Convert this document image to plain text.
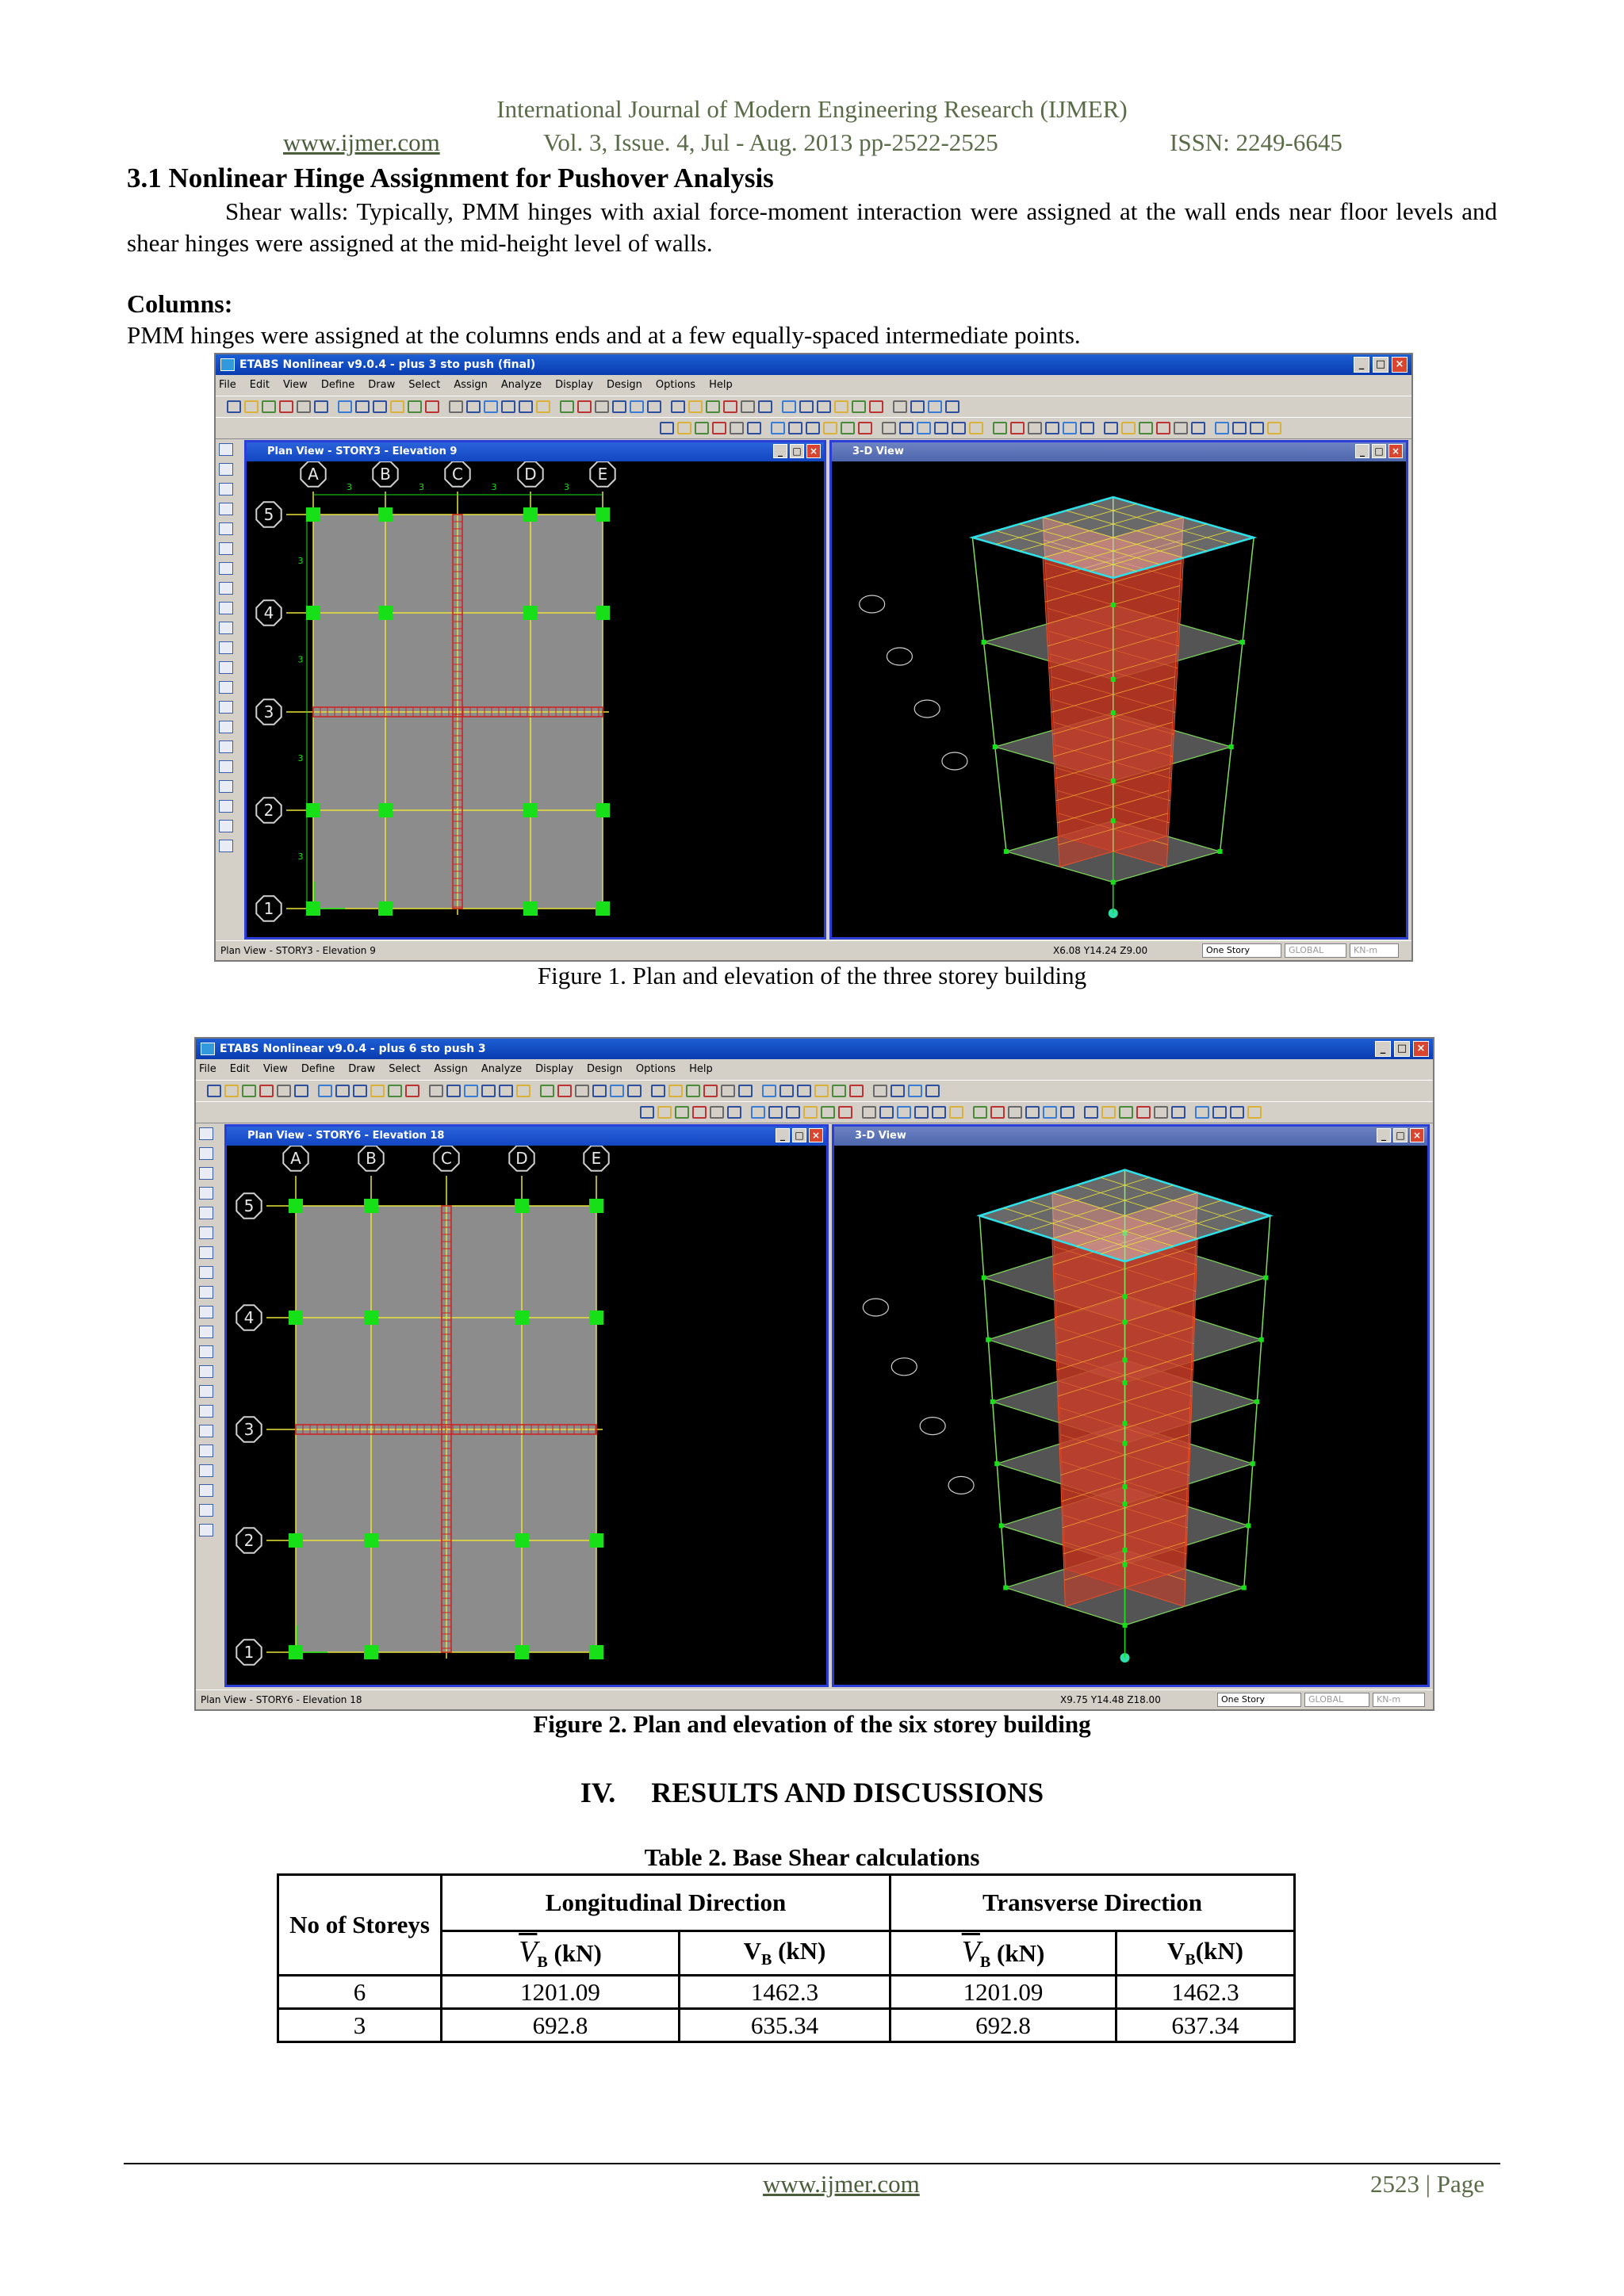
International Journal of Modern Engineering Research (IJMER)
www.ijmer.com	Vol. 3, Issue. 4, Jul - Aug. 2013 pp-2522-2525	ISSN: 2249-6645
3.1 Nonlinear Hinge Assignment for Pushover Analysis

Shear walls: Typically, PMM hinges with axial force-moment interaction were assigned at the wall ends near floor levels and shear hinges were assigned at the mid-height level of walls.

Columns:
PMM hinges were assigned at the columns ends and at a few equally-spaced intermediate points.
ETABS Nonlinear v9.0.4 - plus 3 sto push (final)	_	□ ×
File Edit View Define Draw Select Assign Analyze Display Design Options Help
Plan View - STORY3 - Elevation 9	_	□ ×
A	B	C	D	E
5
4
3
2
1
3	3	3	3
3
3
3
3
3-D View	_	□ ×
Plan View - STORY3 - Elevation 9	X6.08 Y14.24 Z9.00	One Story	GLOBAL	KN-m
Figure 1. Plan and elevation of the three storey building
ETABS Nonlinear v9.0.4 - plus 6 sto push 3	_	□ ×
File Edit View Define Draw Select Assign Analyze Display Design Options Help
Plan View - STORY6 - Elevation 18	_	□ ×
A	B	C	D	E
5
4
3
2
1
3-D View	_	□ ×
Plan View - STORY6 - Elevation 18	X9.75 Y14.48 Z18.00	One Story	GLOBAL	KN-m
Figure 2. Plan and elevation of the six storey building
IV. RESULTS AND DISCUSSIONS
Table 2. Base Shear calculations
No of Storeys	Longitudinal Direction		Transverse Direction	
	$\overline{V}_B$ (kN)	$V_B$ (kN)	$\overline{V}_B$ (kN)	$V_B(kN)$
6	1201.09	1462.3	1201.09	1462.3
3	692.8	635.34	692.8	637.34
www.ijmer.com	2523 | Page
